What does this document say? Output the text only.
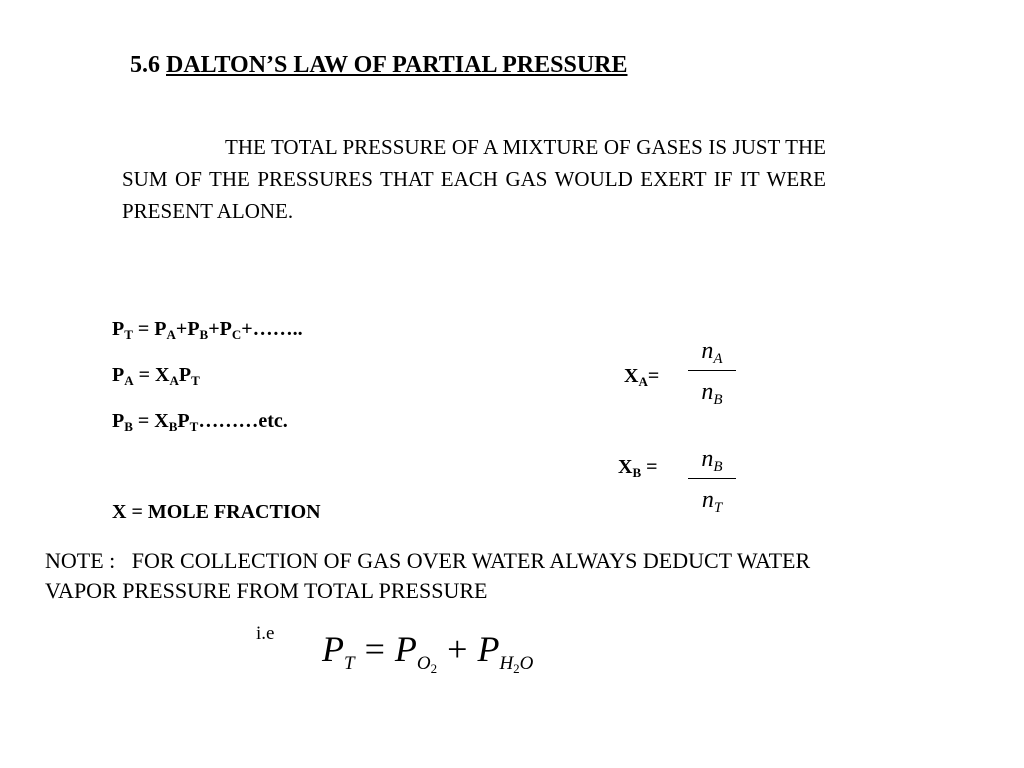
5.6 DALTON’S LAW OF PARTIAL PRESSURE
THE TOTAL PRESSURE OF A MIXTURE OF GASES IS JUST THE SUM OF THE PRESSURES THAT EACH GAS WOULD EXERT IF IT WERE PRESENT ALONE.
$P_T$ = $P_A+P_B+P_C+\dots\dots$..
$P_A = X_AP_T$
$P_B$ = $X_BP_T\dots\dots\dots etc$.
X = MOLE FRACTION
$X_A=$
$n_A$
$n_B$
$X_B$ =	$n_B$
$n_T$
NOTE :   FOR COLLECTION OF GAS OVER WATER ALWAYS DEDUCT WATER
VAPOR PRESSURE FROM TOTAL PRESSURE
i.e $P_T = P_{O_2} + P_{H_2O}$
